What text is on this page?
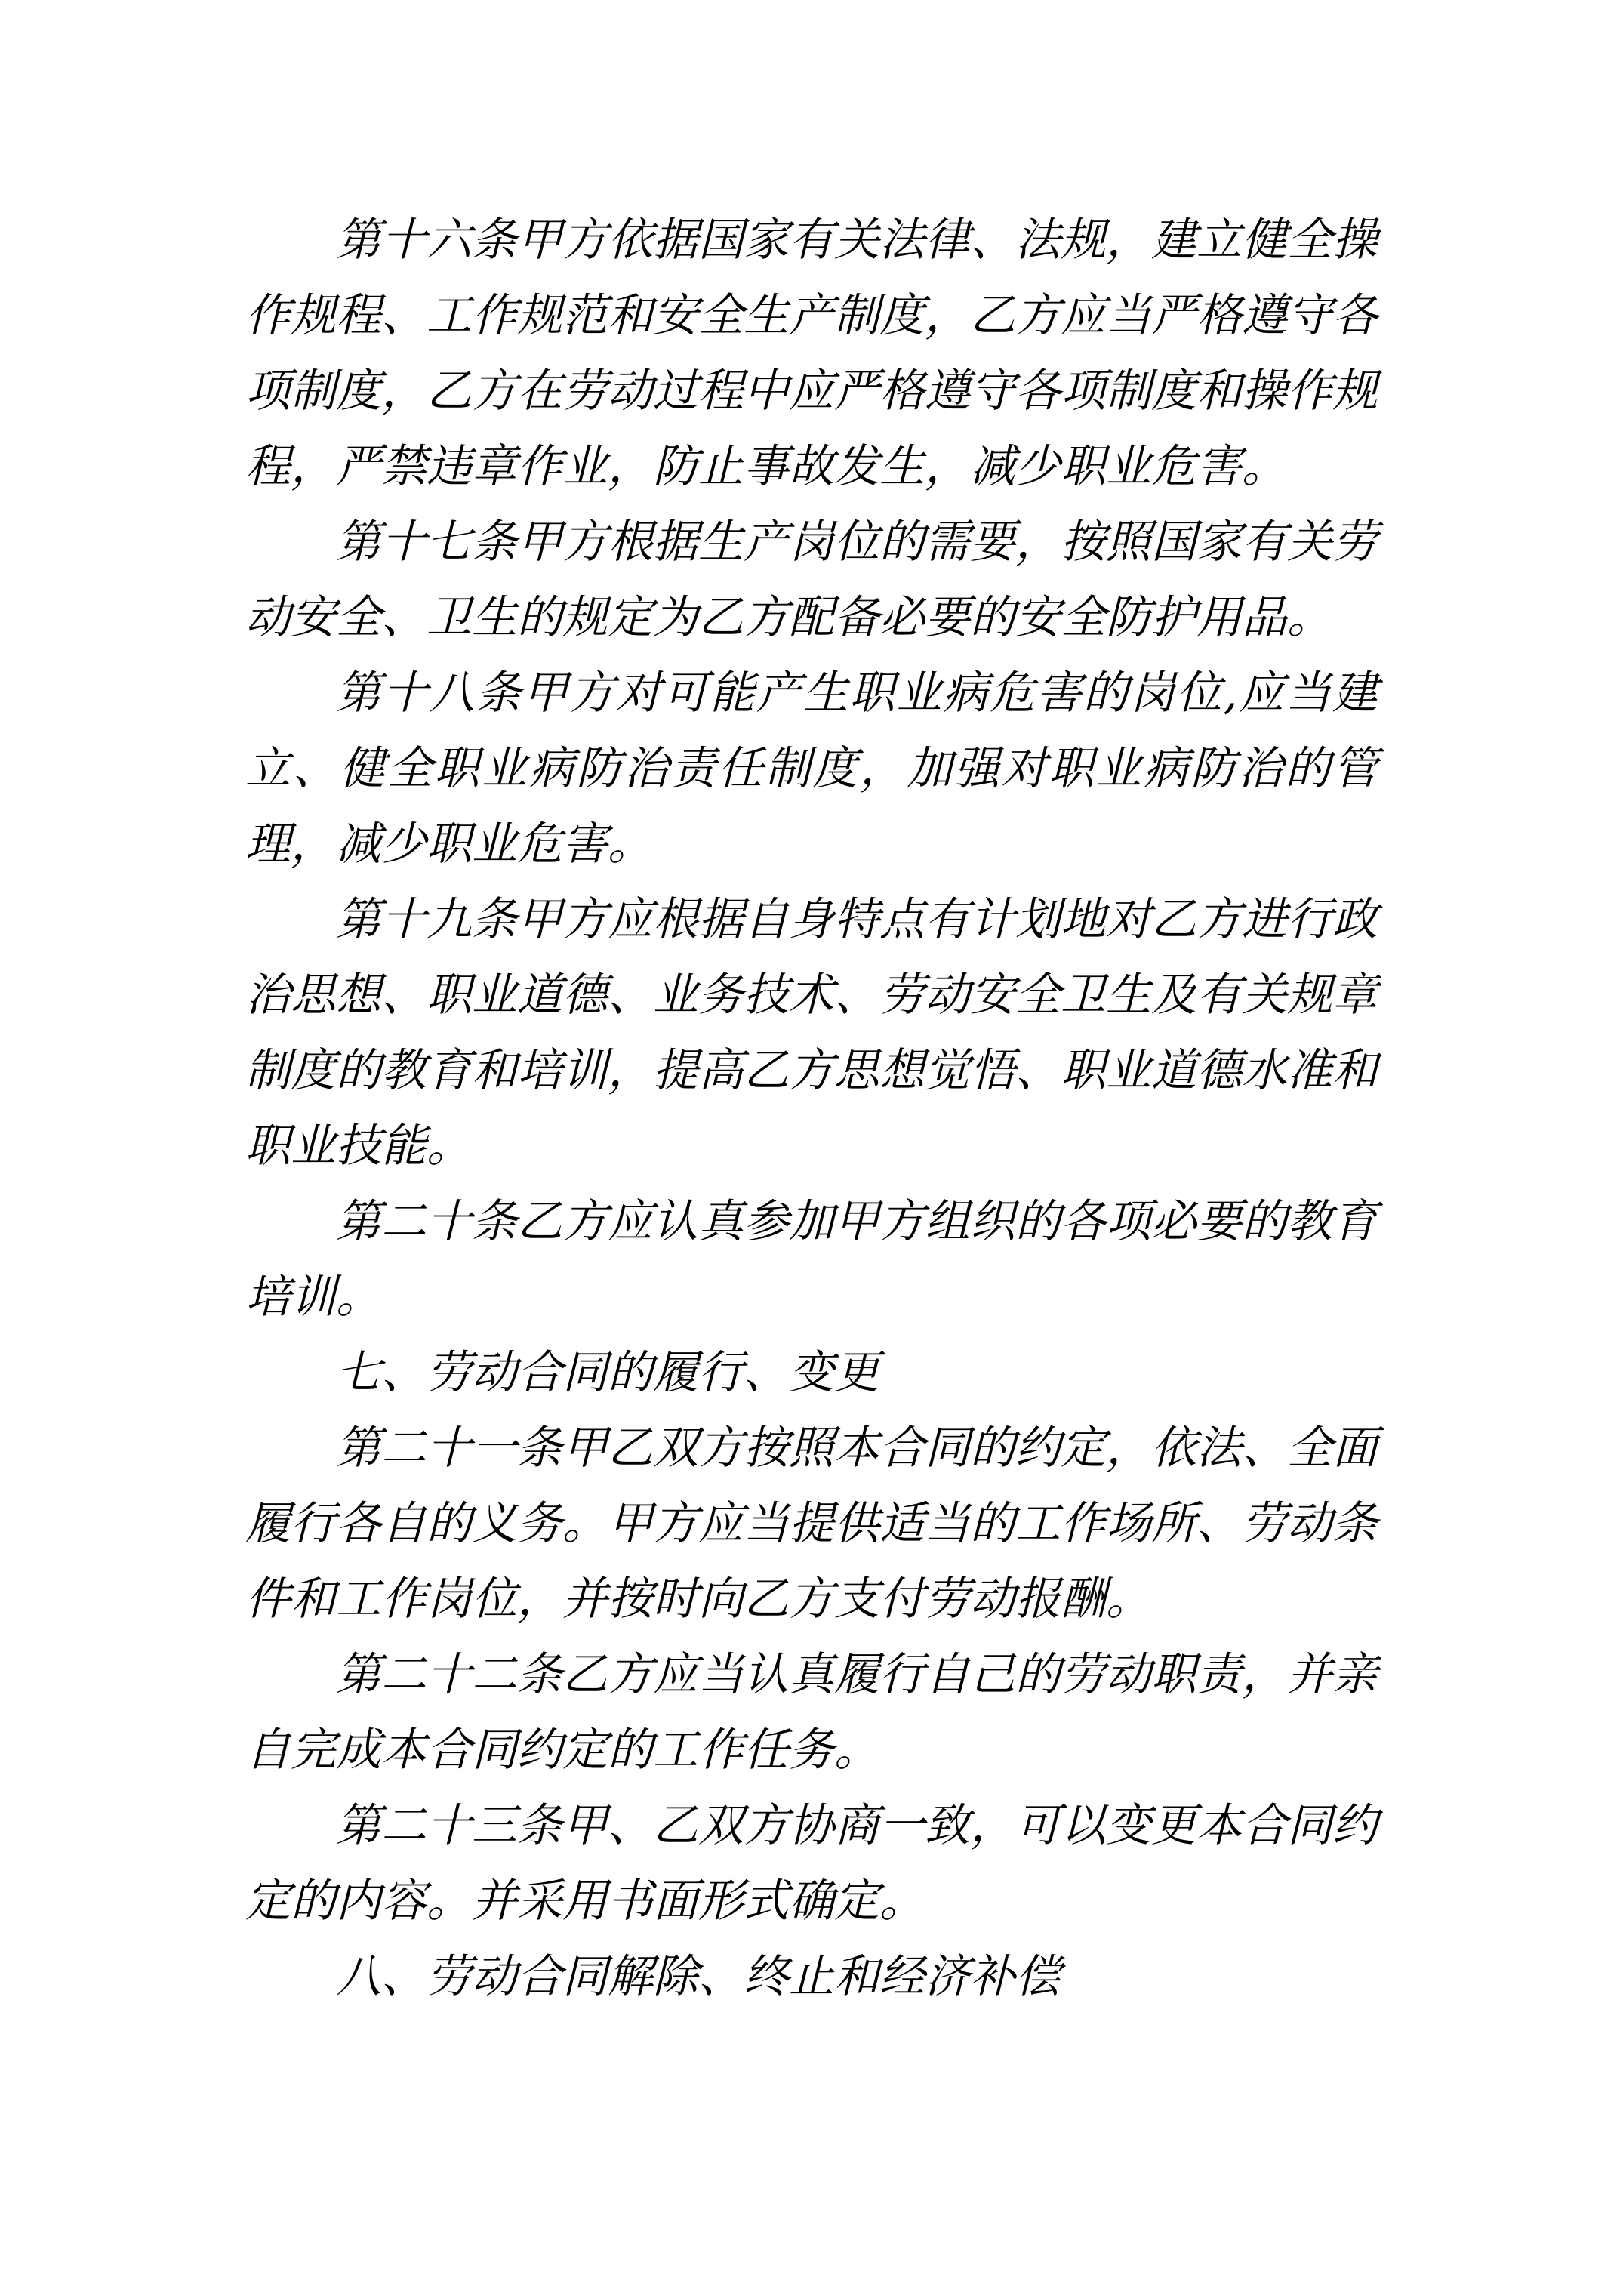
第十六条甲方依据国家有关法律、法规，建立健全操作规程、工作规范和安全生产制度，乙方应当严格遵守各项制度，乙方在劳动过程中应严格遵守各项制度和操作规程，严禁违章作业，防止事故发生，减少职业危害。

第十七条甲方根据生产岗位的需要，按照国家有关劳动安全、卫生的规定为乙方配备必要的安全防护用品。

第十八条甲方对可能产生职业病危害的岗位,应当建立、健全职业病防治责任制度，加强对职业病防治的管理，减少职业危害。

第十九条甲方应根据自身特点有计划地对乙方进行政治思想、职业道德、业务技术、劳动安全卫生及有关规章制度的教育和培训，提高乙方思想觉悟、职业道德水准和职业技能。

第二十条乙方应认真参加甲方组织的各项必要的教育培训。

七、劳动合同的履行、变更

第二十一条甲乙双方按照本合同的约定，依法、全面履行各自的义务。甲方应当提供适当的工作场所、劳动条件和工作岗位，并按时向乙方支付劳动报酬。

第二十二条乙方应当认真履行自己的劳动职责，并亲自完成本合同约定的工作任务。

第二十三条甲、乙双方协商一致，可以变更本合同约定的内容。并采用书面形式确定。

八、劳动合同解除、终止和经济补偿
